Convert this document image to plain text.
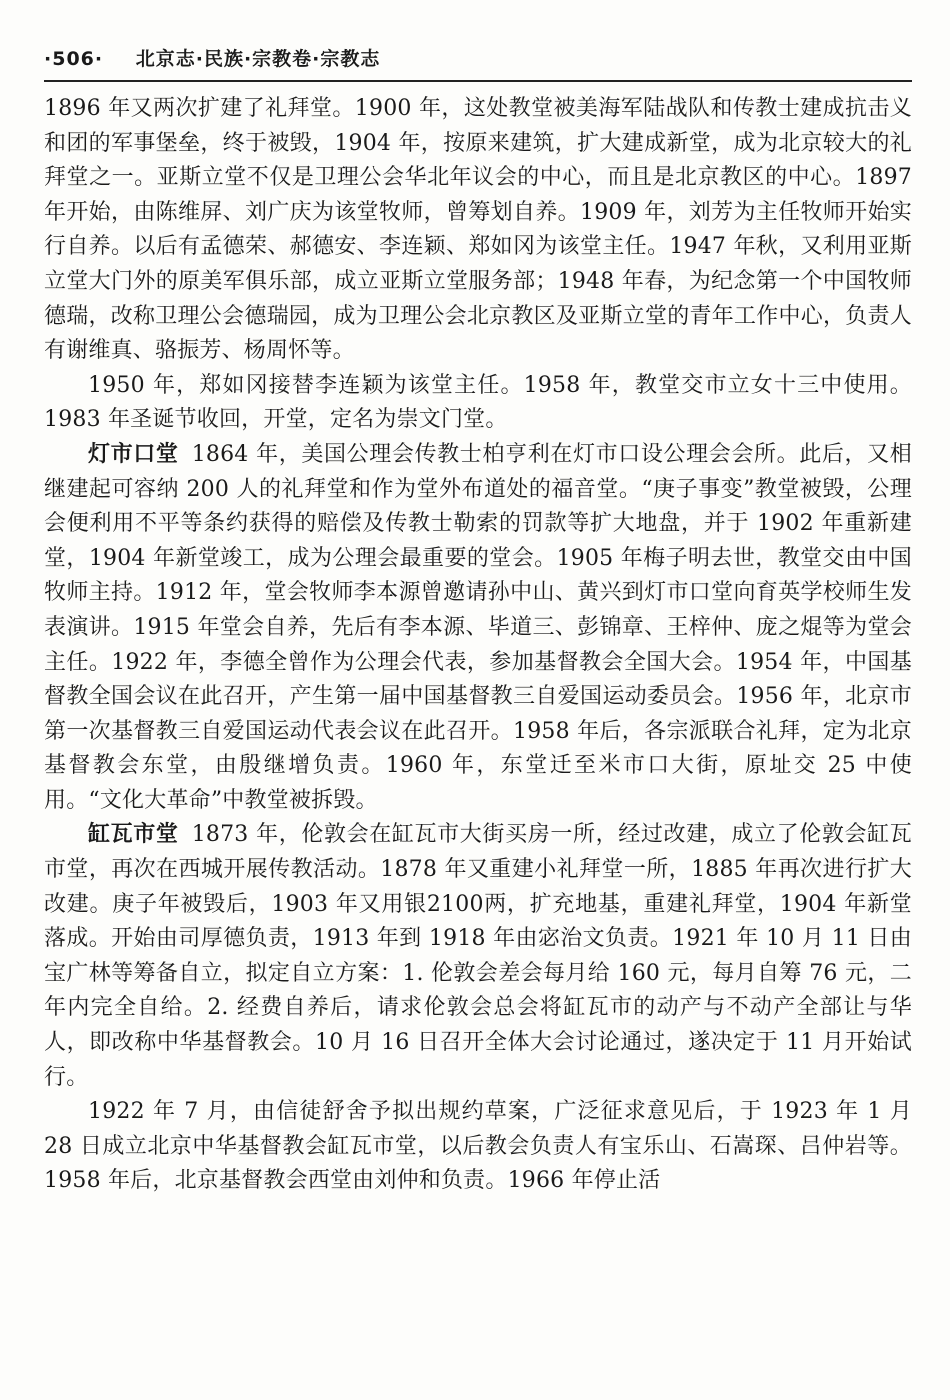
·506· 北京志·民族·宗教卷·宗教志

1896 年又两次扩建了礼拜堂。1900 年，这处教堂被美海军陆战队和传教士建成抗击义和团的军事堡垒，终于被毁，1904 年，按原来建筑，扩大建成新堂，成为北京较大的礼拜堂之一。亚斯立堂不仅是卫理公会华北年议会的中心，而且是北京教区的中心。1897 年开始，由陈维屏、刘广庆为该堂牧师，曾筹划自养。1909 年，刘芳为主任牧师开始实行自养。以后有孟德荣、郝德安、李连颖、郑如冈为该堂主任。1947 年秋，又利用亚斯立堂大门外的原美军俱乐部，成立亚斯立堂服务部；1948 年春，为纪念第一个中国牧师德瑞，改称卫理公会德瑞园，成为卫理公会北京教区及亚斯立堂的青年工作中心，负责人有谢维真、骆振芳、杨周怀等。

1950 年，郑如冈接替李连颖为该堂主任。1958 年，教堂交市立女十三中使用。1983 年圣诞节收回，开堂，定名为崇文门堂。

灯市口堂 1864 年，美国公理会传教士柏亨利在灯市口设公理会会所。此后，又相继建起可容纳 200 人的礼拜堂和作为堂外布道处的福音堂。“庚子事变”教堂被毁，公理会便利用不平等条约获得的赔偿及传教士勒索的罚款等扩大地盘，并于 1902 年重新建堂，1904 年新堂竣工，成为公理会最重要的堂会。1905 年梅子明去世，教堂交由中国牧师主持。1912 年，堂会牧师李本源曾邀请孙中山、黄兴到灯市口堂向育英学校师生发表演讲。1915 年堂会自养，先后有李本源、毕道三、彭锦章、王梓仲、庞之焜等为堂会主任。1922 年，李德全曾作为公理会代表，参加基督教会全国大会。1954 年，中国基督教全国会议在此召开，产生第一届中国基督教三自爱国运动委员会。1956 年，北京市第一次基督教三自爱国运动代表会议在此召开。1958 年后，各宗派联合礼拜，定为北京基督教会东堂，由殷继增负责。1960 年，东堂迁至米市口大街，原址交 25 中使用。“文化大革命”中教堂被拆毁。

缸瓦市堂 1873 年，伦敦会在缸瓦市大街买房一所，经过改建，成立了伦敦会缸瓦市堂，再次在西城开展传教活动。1878 年又重建小礼拜堂一所，1885 年再次进行扩大改建。庚子年被毁后，1903 年又用银2100两，扩充地基，重建礼拜堂，1904 年新堂落成。开始由司厚德负责，1913 年到 1918 年由宓治文负责。1921 年 10 月 11 日由宝广林等筹备自立，拟定自立方案：1. 伦敦会差会每月给 160 元，每月自筹 76 元，二年内完全自给。2. 经费自养后，请求伦敦会总会将缸瓦市的动产与不动产全部让与华人，即改称中华基督教会。10 月 16 日召开全体大会讨论通过，遂决定于 11 月开始试行。

1922 年 7 月，由信徒舒舍予拟出规约草案，广泛征求意见后，于 1923 年 1 月 28 日成立北京中华基督教会缸瓦市堂，以后教会负责人有宝乐山、石嵩琛、吕仲岩等。1958 年后，北京基督教会西堂由刘仲和负责。1966 年停止活
